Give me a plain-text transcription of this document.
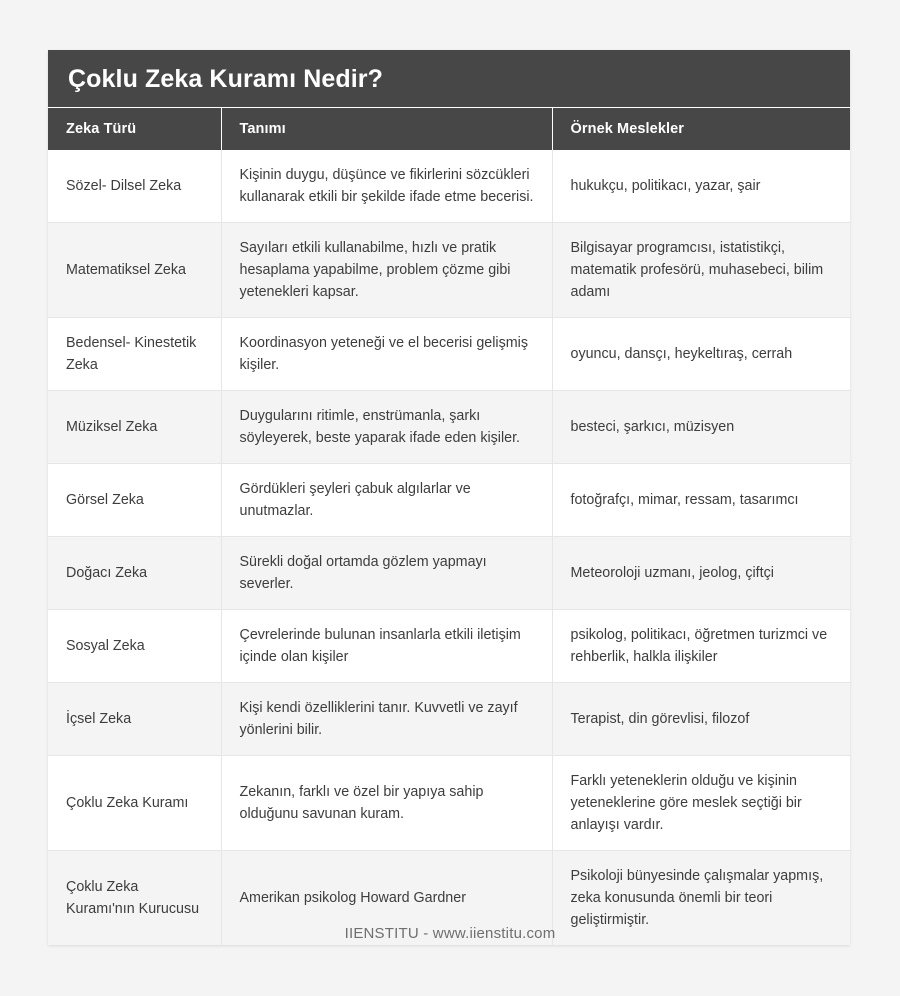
Çoklu Zeka Kuramı Nedir?
Zeka Türü	Tanımı	Örnek Meslekler
Sözel- Dilsel Zeka	Kişinin duygu, düşünce ve fikirlerini sözcükleri kullanarak etkili bir şekilde ifade etme becerisi.	hukukçu, politikacı, yazar, şair
Matematiksel Zeka	Sayıları etkili kullanabilme, hızlı ve pratik hesaplama yapabilme, problem çözme gibi yetenekleri kapsar.	Bilgisayar programcısı, istatistikçi, matematik profesörü, muhasebeci, bilim adamı
Bedensel- Kinestetik Zeka	Koordinasyon yeteneği ve el becerisi gelişmiş kişiler.	oyuncu, dansçı, heykeltıraş, cerrah
Müziksel Zeka	Duygularını ritimle, enstrümanla, şarkı söyleyerek, beste yaparak ifade eden kişiler.	besteci, şarkıcı, müzisyen
Görsel Zeka	Gördükleri şeyleri çabuk algılarlar ve unutmazlar.	fotoğrafçı, mimar, ressam, tasarımcı
Doğacı Zeka	Sürekli doğal ortamda gözlem yapmayı severler.	Meteoroloji uzmanı, jeolog, çiftçi
Sosyal Zeka	Çevrelerinde bulunan insanlarla etkili iletişim içinde olan kişiler	psikolog, politikacı, öğretmen turizmci ve rehberlik, halkla ilişkiler
İçsel Zeka	Kişi kendi özelliklerini tanır. Kuvvetli ve zayıf yönlerini bilir.	Terapist, din görevlisi, filozof
Çoklu Zeka Kuramı	Zekanın, farklı ve özel bir yapıya sahip olduğunu savunan kuram.	Farklı yeteneklerin olduğu ve kişinin yeteneklerine göre meslek seçtiği bir anlayışı vardır.
Çoklu Zeka Kuramı'nın Kurucusu	Amerikan psikolog Howard Gardner	Psikoloji bünyesinde çalışmalar yapmış, zeka konusunda önemli bir teori geliştirmiştir.
IIENSTITU - www.iienstitu.com
